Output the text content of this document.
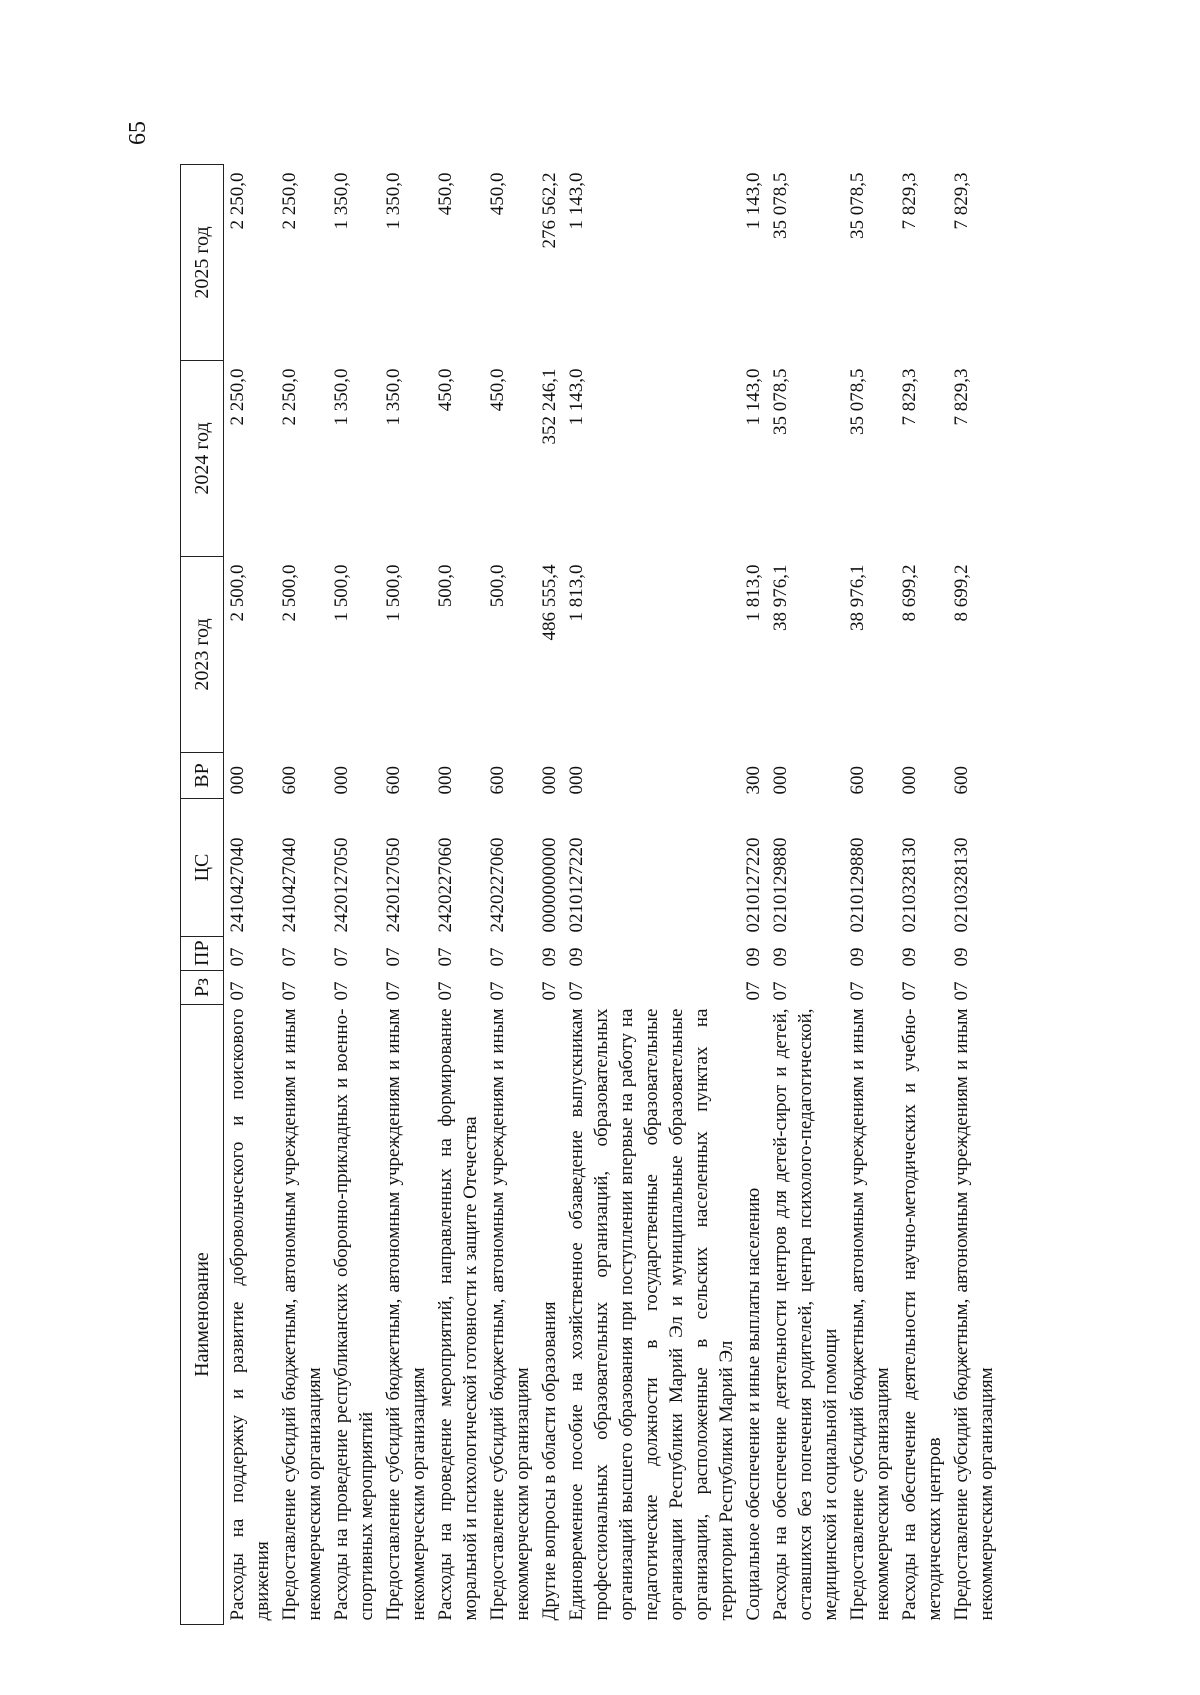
65
Наименование	Рз	ПР	ЦС	ВР	2023 год	2024 год	2025 год
Расходы на поддержку и развитие добровольческого и поискового движения	07	07	2410427040	000	2 500,0	2 250,0	2 250,0
Предоставление субсидий бюджетным, автономным учреждениям и иным некоммерческим организациям	07	07	2410427040	600	2 500,0	2 250,0	2 250,0
Расходы на проведение республиканских оборонно-прикладных и военно-спортивных мероприятий	07	07	2420127050	000	1 500,0	1 350,0	1 350,0
Предоставление субсидий бюджетным, автономным учреждениям и иным некоммерческим организациям	07	07	2420127050	600	1 500,0	1 350,0	1 350,0
Расходы на проведение мероприятий, направленных на формирование моральной и психологической готовности к защите Отечества	07	07	2420227060	000	500,0	450,0	450,0
Предоставление субсидий бюджетным, автономным учреждениям и иным некоммерческим организациям	07	07	2420227060	600	500,0	450,0	450,0
Другие вопросы в области образования	07	09	0000000000	000	486 555,4	352 246,1	276 562,2
Единовременное пособие на хозяйственное обзаведение выпускникам профессиональных образовательных организаций, образовательных организаций высшего образования при поступлении впервые на работу на педагогические должности в государственные образовательные организации Республики Марий Эл и муниципальные образовательные организации, расположенные в сельских населенных пунктах на территории Республики Марий Эл	07	09	0210127220	000	1 813,0	1 143,0	1 143,0
Социальное обеспечение и иные выплаты населению	07	09	0210127220	300	1 813,0	1 143,0	1 143,0
Расходы на обеспечение деятельности центров для детей-сирот и детей, оставшихся без попечения родителей, центра психолого-педагогической, медицинской и социальной помощи	07	09	0210129880	000	38 976,1	35 078,5	35 078,5
Предоставление субсидий бюджетным, автономным учреждениям и иным некоммерческим организациям	07	09	0210129880	600	38 976,1	35 078,5	35 078,5
Расходы на обеспечение деятельности научно-методических и учебно-методических центров	07	09	0210328130	000	8 699,2	7 829,3	7 829,3
Предоставление субсидий бюджетным, автономным учреждениям и иным некоммерческим организациям	07	09	0210328130	600	8 699,2	7 829,3	7 829,3
